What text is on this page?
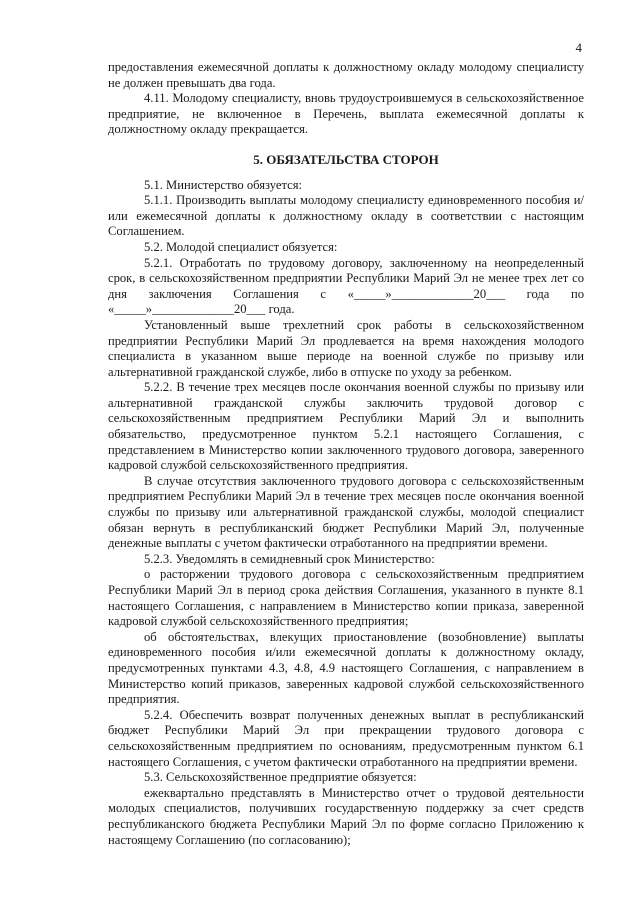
4

предоставления ежемесячной доплаты к должностному окладу молодому специалисту не должен превышать два года.

4.11. Молодому специалисту, вновь трудоустроившемуся в сельскохозяйственное предприятие, не включенное в Перечень, выплата ежемесячной доплаты к должностному окладу прекращается.

5. ОБЯЗАТЕЛЬСТВА СТОРОН

5.1. Министерство обязуется:

5.1.1. Производить выплаты молодому специалисту единовременного пособия и/или ежемесячной доплаты к должностному окладу в соответствии с настоящим Соглашением.

5.2. Молодой специалист обязуется:

5.2.1. Отработать по трудовому договору, заключенному на неопределенный срок, в сельскохозяйственном предприятии Республики Марий Эл не менее трех лет со дня заключения Соглашения с «_____»_____________20___ года по «_____»_____________20___ года.

Установленный выше трехлетний срок работы в сельскохозяйственном предприятии Республики Марий Эл продлевается на время нахождения молодого специалиста в указанном выше периоде на военной службе по призыву или альтернативной гражданской службе, либо в отпуске по уходу за ребенком.

5.2.2. В течение трех месяцев после окончания военной службы по призыву или альтернативной гражданской службы заключить трудовой договор с сельскохозяйственным предприятием Республики Марий Эл и выполнить обязательство, предусмотренное пунктом 5.2.1 настоящего Соглашения, с представлением в Министерство копии заключенного трудового договора, заверенного кадровой службой сельскохозяйственного предприятия.

В случае отсутствия заключенного трудового договора с сельскохозяйственным предприятием Республики Марий Эл в течение трех месяцев после окончания военной службы по призыву или альтернативной гражданской службы, молодой специалист обязан вернуть в республиканский бюджет Республики Марий Эл, полученные денежные выплаты с учетом фактически отработанного на предприятии времени.

5.2.3. Уведомлять в семидневный срок Министерство:

о расторжении трудового договора с сельскохозяйственным предприятием Республики Марий Эл в период срока действия Соглашения, указанного в пункте 8.1 настоящего Соглашения, с направлением в Министерство копии приказа, заверенной кадровой службой сельскохозяйственного предприятия;

об обстоятельствах, влекущих приостановление (возобновление) выплаты единовременного пособия и/или ежемесячной доплаты к должностному окладу, предусмотренных пунктами 4.3, 4.8, 4.9 настоящего Соглашения, с направлением в Министерство копий приказов, заверенных кадровой службой сельскохозяйственного предприятия.

5.2.4. Обеспечить возврат полученных денежных выплат в республиканский бюджет Республики Марий Эл при прекращении трудового договора с сельскохозяйственным предприятием по основаниям, предусмотренным пунктом 6.1 настоящего Соглашения, с учетом фактически отработанного на предприятии времени.

5.3. Сельскохозяйственное предприятие обязуется:

ежеквартально представлять в Министерство отчет о трудовой деятельности молодых специалистов, получивших государственную поддержку за счет средств республиканского бюджета Республики Марий Эл по форме согласно Приложению к настоящему Соглашению (по согласованию);
